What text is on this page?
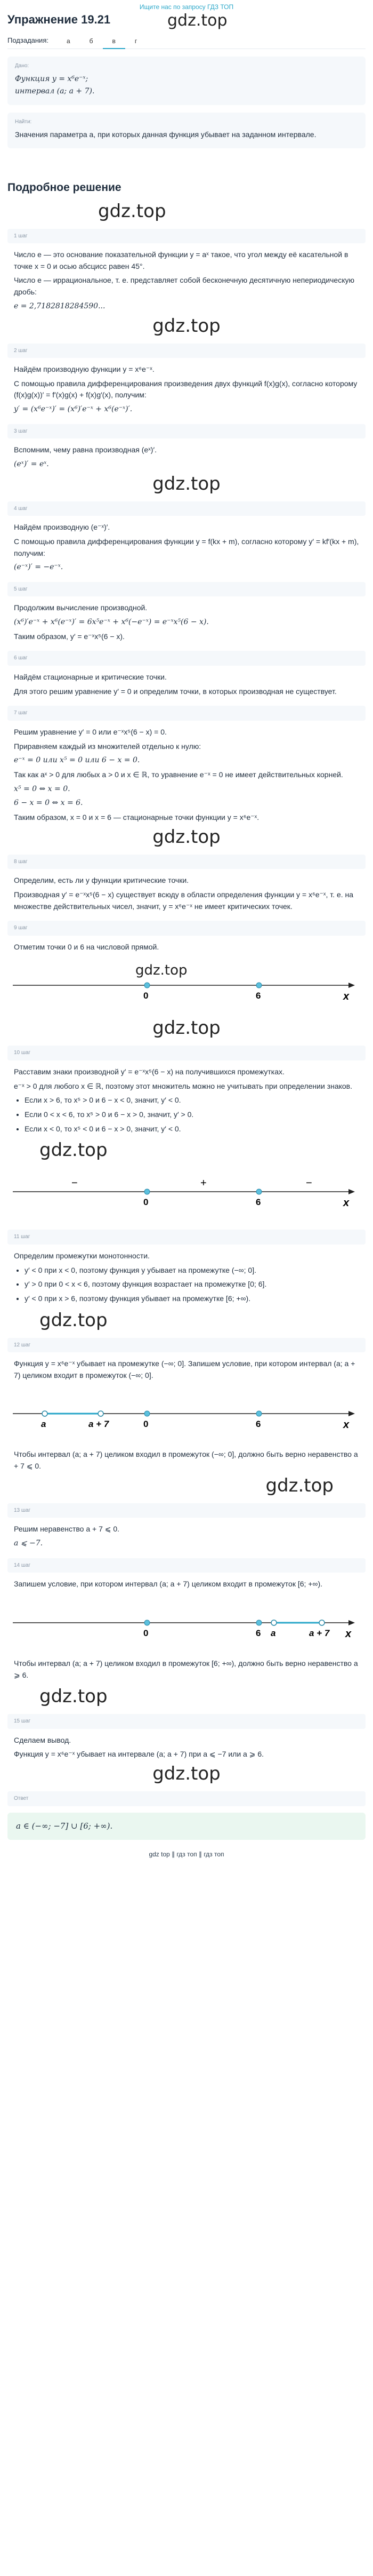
Ищите нас по запросу ГДЗ ТОП
Упражнение 19.21	gdz.top
Подзадания:	а	б	в	г
Дано:

Функция y = x⁶e⁻ˣ;

интервал (a; a + 7).

Найти:

Значения параметра a, при которых данная функция убывает на заданном интервале.

Подробное решение
gdz.top
1 шаг

Число e — это основание показательной функции y = aˣ такое, что угол между её касательной в точке x = 0 и осью абсцисс равен 45°.

Число e — иррациональное, т. е. представляет собой бесконечную десятичную непериодическую дробь:

e = 2,7182818284590...

gdz.top
2 шаг

Найдём производную функции y = x⁶e⁻ˣ.

С помощью правила дифференцирования произведения двух функций f(x)g(x), согласно которому (f(x)g(x))′ = f′(x)g(x) + f(x)g′(x), получим:

y′ = (x⁶e⁻ˣ)′ = (x⁶)′e⁻ˣ + x⁶(e⁻ˣ)′.

3 шаг

Вспомним, чему равна производная (eˣ)′.

(eˣ)′ = eˣ.

gdz.top
4 шаг

Найдём производную (e⁻ˣ)′.

С помощью правила дифференцирования функции y = f(kx + m), согласно которому y′ = kf′(kx + m), получим:

(e⁻ˣ)′ = −e⁻ˣ.

5 шаг

Продолжим вычисление производной.

(x⁶)′e⁻ˣ + x⁶(e⁻ˣ)′ = 6x⁵e⁻ˣ + x⁶(−e⁻ˣ) = e⁻ˣx⁵(6 − x).

Таким образом, y′ = e⁻ˣx⁵(6 − x).

6 шаг

Найдём стационарные и критические точки.

Для этого решим уравнение y′ = 0 и определим точки, в которых производная не существует.

7 шаг

Решим уравнение y′ = 0 или e⁻ˣx⁵(6 − x) = 0.

Приравняем каждый из множителей отдельно к нулю:

e⁻ˣ = 0 или x⁵ = 0 или 6 − x = 0.

Так как aˣ > 0 для любых a > 0 и x ∈ ℝ, то уравнение e⁻ˣ = 0 не имеет действительных корней.

x⁵ = 0 ⇔ x = 0.

6 − x = 0 ⇔ x = 6.

Таким образом, x = 0 и x = 6 — стационарные точки функции y = x⁶e⁻ˣ.

gdz.top
8 шаг

Определим, есть ли у функции критические точки.

Производная y′ = e⁻ˣx⁵(6 − x) существует всюду в области определения функции y = x⁶e⁻ˣ, т. е. на множестве действительных чисел, значит, y = x⁶e⁻ˣ не имеет критических точек.

9 шаг

Отметим точки 0 и 6 на числовой прямой.

gdz.top
0	6	x
gdz.top
10 шаг

Расставим знаки производной y′ = e⁻ˣx⁵(6 − x) на получившихся промежутках.

e⁻ˣ > 0 для любого x ∈ ℝ, поэтому этот множитель можно не учитывать при определении знаков.

• Если x > 6, то x⁵ > 0 и 6 − x < 0, значит, y′ < 0.
• Если 0 < x < 6, то x⁵ > 0 и 6 − x > 0, значит, y′ > 0.
• Если x < 0, то x⁵ < 0 и 6 − x > 0, значит, y′ < 0.
gdz.top
−	+	−
0	6	x
11 шаг

Определим промежутки монотонности.

• y′ < 0 при x < 0, поэтому функция y убывает на промежутке (−∞; 0].
• y′ > 0 при 0 < x < 6, поэтому функция возрастает на промежутке [0; 6].
• y′ < 0 при x > 6, поэтому функция убывает на промежутке [6; +∞).
gdz.top
12 шаг

Функция y = x⁶e⁻ˣ убывает на промежутке (−∞; 0]. Запишем условие, при котором интервал (a; a + 7) целиком входит в промежуток (−∞; 0].

a	a + 7	0	6	x

Чтобы интервал (a; a + 7) целиком входил в промежуток (−∞; 0], должно быть верно неравенство a + 7 ⩽ 0.

gdz.top
13 шаг

Решим неравенство a + 7 ⩽ 0.

a ⩽ −7.

14 шаг

Запишем условие, при котором интервал (a; a + 7) целиком входит в промежуток [6; +∞).

0	6 a	a + 7 x

Чтобы интервал (a; a + 7) целиком входил в промежуток [6; +∞), должно быть верно неравенство a ⩾ 6.

gdz.top
15 шаг

Сделаем вывод.

Функция y = x⁶e⁻ˣ убывает на интервале (a; a + 7) при a ⩽ −7 или a ⩾ 6.

gdz.top
Ответ
a ∈ (−∞; −7] ∪ [6; +∞).
gdz top ∥ гдз топ ∥ гдз топ
